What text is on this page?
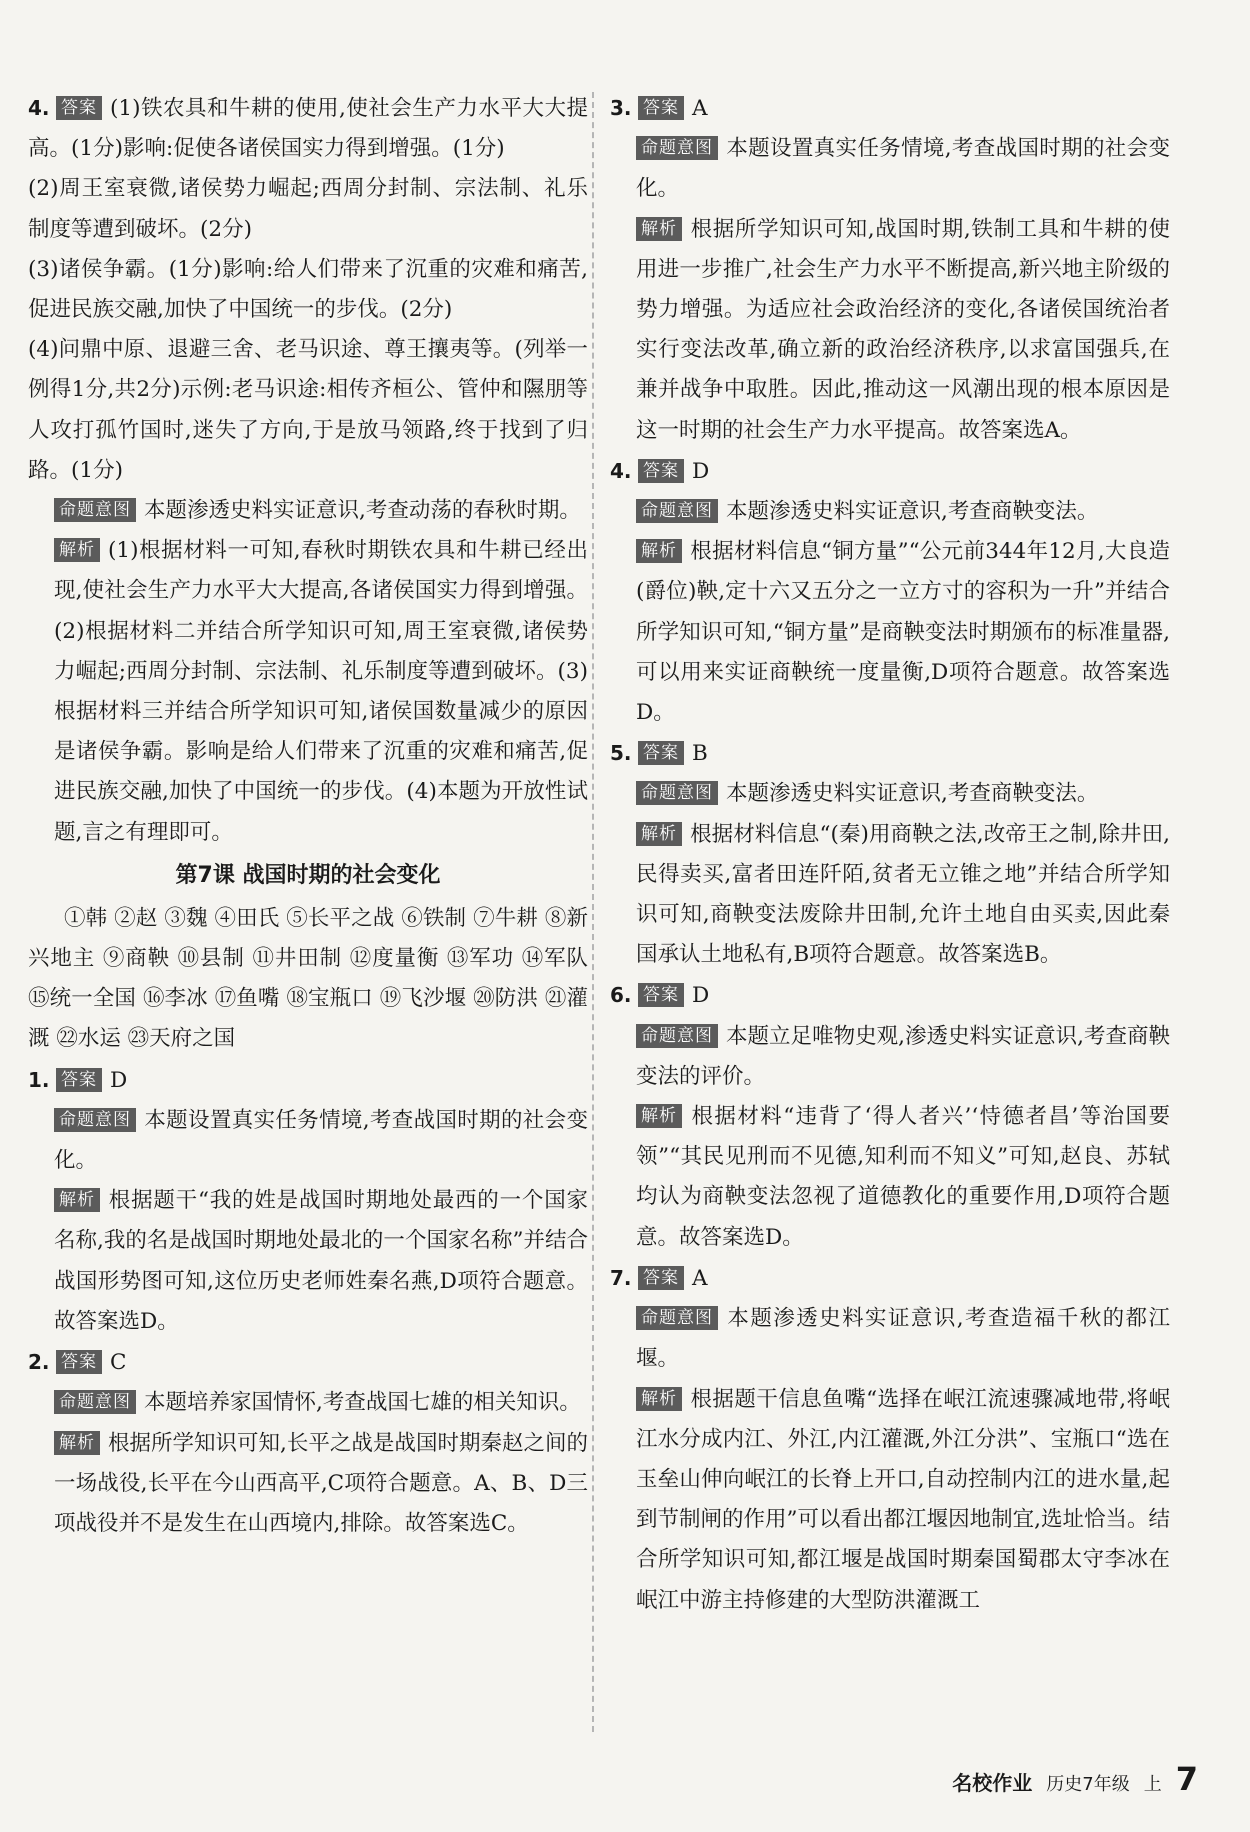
4. 答案 (1)铁农具和牛耕的使用,使社会生产力水平大大提高。(1分)影响:促使各诸侯国实力得到增强。(1分)

(2)周王室衰微,诸侯势力崛起;西周分封制、宗法制、礼乐制度等遭到破坏。(2分)

(3)诸侯争霸。(1分)影响:给人们带来了沉重的灾难和痛苦,促进民族交融,加快了中国统一的步伐。(2分)

(4)问鼎中原、退避三舍、老马识途、尊王攘夷等。(列举一例得1分,共2分)示例:老马识途:相传齐桓公、管仲和隰朋等人攻打孤竹国时,迷失了方向,于是放马领路,终于找到了归路。(1分)

命题意图 本题渗透史料实证意识,考查动荡的春秋时期。

解析 (1)根据材料一可知,春秋时期铁农具和牛耕已经出现,使社会生产力水平大大提高,各诸侯国实力得到增强。(2)根据材料二并结合所学知识可知,周王室衰微,诸侯势力崛起;西周分封制、宗法制、礼乐制度等遭到破坏。(3)根据材料三并结合所学知识可知,诸侯国数量减少的原因是诸侯争霸。影响是给人们带来了沉重的灾难和痛苦,促进民族交融,加快了中国统一的步伐。(4)本题为开放性试题,言之有理即可。

第7课 战国时期的社会变化

①韩 ②赵 ③魏 ④田氏 ⑤长平之战 ⑥铁制 ⑦牛耕 ⑧新兴地主 ⑨商鞅 ⑩县制 ⑪井田制 ⑫度量衡 ⑬军功 ⑭军队 ⑮统一全国 ⑯李冰 ⑰鱼嘴 ⑱宝瓶口 ⑲飞沙堰 ⑳防洪 ㉑灌溉 ㉒水运 ㉓天府之国

1. 答案 D

命题意图 本题设置真实任务情境,考查战国时期的社会变化。

解析 根据题干“我的姓是战国时期地处最西的一个国家名称,我的名是战国时期地处最北的一个国家名称”并结合战国形势图可知,这位历史老师姓秦名燕,D项符合题意。故答案选D。

2. 答案 C

命题意图 本题培养家国情怀,考查战国七雄的相关知识。

解析 根据所学知识可知,长平之战是战国时期秦赵之间的一场战役,长平在今山西高平,C项符合题意。A、B、D三项战役并不是发生在山西境内,排除。故答案选C。

3. 答案 A

命题意图 本题设置真实任务情境,考查战国时期的社会变化。

解析 根据所学知识可知,战国时期,铁制工具和牛耕的使用进一步推广,社会生产力水平不断提高,新兴地主阶级的势力增强。为适应社会政治经济的变化,各诸侯国统治者实行变法改革,确立新的政治经济秩序,以求富国强兵,在兼并战争中取胜。因此,推动这一风潮出现的根本原因是这一时期的社会生产力水平提高。故答案选A。

4. 答案 D

命题意图 本题渗透史料实证意识,考查商鞅变法。

解析 根据材料信息“铜方量”“公元前344年12月,大良造(爵位)鞅,定十六又五分之一立方寸的容积为一升”并结合所学知识可知,“铜方量”是商鞅变法时期颁布的标准量器,可以用来实证商鞅统一度量衡,D项符合题意。故答案选D。

5. 答案 B

命题意图 本题渗透史料实证意识,考查商鞅变法。

解析 根据材料信息“(秦)用商鞅之法,改帝王之制,除井田,民得卖买,富者田连阡陌,贫者无立锥之地”并结合所学知识可知,商鞅变法废除井田制,允许土地自由买卖,因此秦国承认土地私有,B项符合题意。故答案选B。

6. 答案 D

命题意图 本题立足唯物史观,渗透史料实证意识,考查商鞅变法的评价。

解析 根据材料“违背了‘得人者兴’‘恃德者昌’等治国要领”“其民见刑而不见德,知利而不知义”可知,赵良、苏轼均认为商鞅变法忽视了道德教化的重要作用,D项符合题意。故答案选D。

7. 答案 A

命题意图 本题渗透史料实证意识,考查造福千秋的都江堰。

解析 根据题干信息鱼嘴“选择在岷江流速骤减地带,将岷江水分成内江、外江,内江灌溉,外江分洪”、宝瓶口“选在玉垒山伸向岷江的长脊上开口,自动控制内江的进水量,起到节制闸的作用”可以看出都江堰因地制宜,选址恰当。结合所学知识可知,都江堰是战国时期秦国蜀郡太守李冰在岷江中游主持修建的大型防洪灌溉工

名校作业 历史7年级 上 7
